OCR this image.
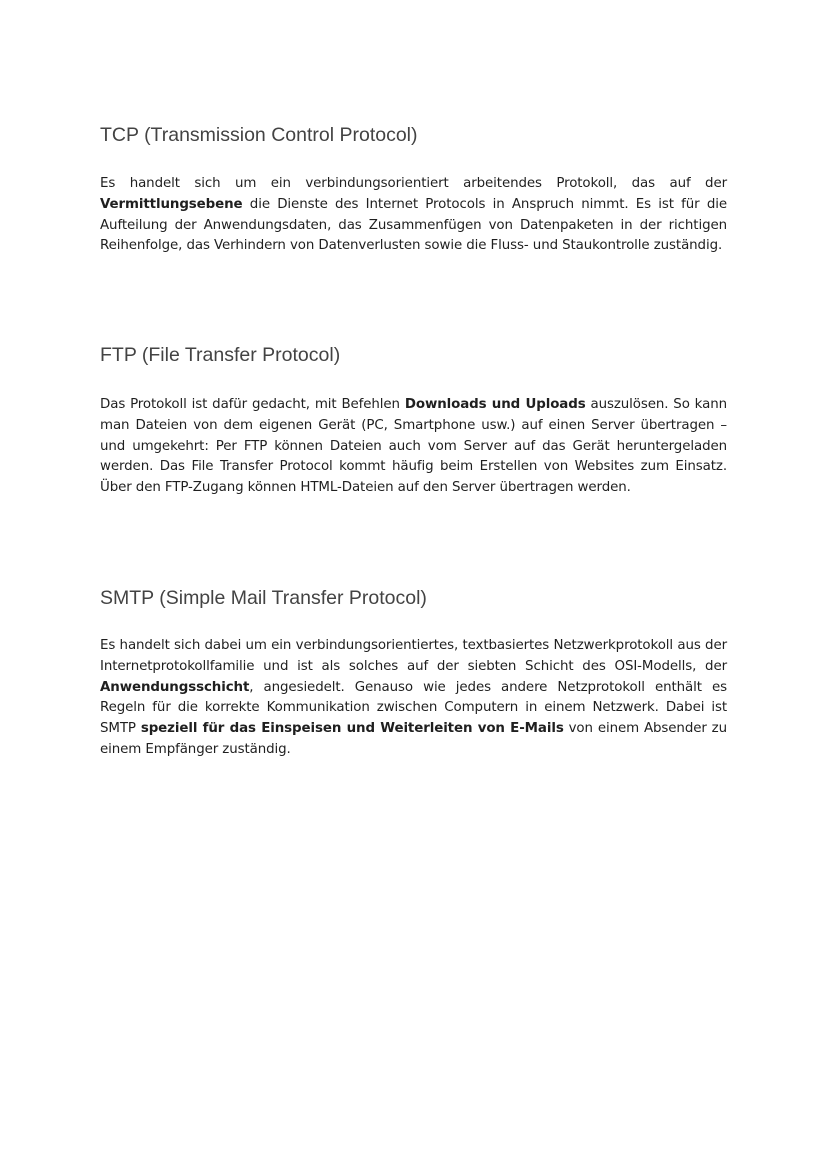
TCP (Transmission Control Protocol)

Es handelt sich um ein verbindungsorientiert arbeitendes Protokoll, das auf der Vermittlungsebene die Dienste des Internet Protocols in Anspruch nimmt. Es ist für die Aufteilung der Anwendungsdaten, das Zusammenfügen von Datenpaketen in der richtigen Reihenfolge, das Verhindern von Datenverlusten sowie die Fluss- und Staukontrolle zuständig.

FTP (File Transfer Protocol)

Das Protokoll ist dafür gedacht, mit Befehlen Downloads und Uploads auszulösen. So kann man Dateien von dem eigenen Gerät (PC, Smartphone usw.) auf einen Server übertragen – und umgekehrt: Per FTP können Dateien auch vom Server auf das Gerät heruntergeladen werden. Das File Transfer Protocol kommt häufig beim Erstellen von Websites zum Einsatz. Über den FTP-Zugang können HTML-Dateien auf den Server übertragen werden.

SMTP (Simple Mail Transfer Protocol)

Es handelt sich dabei um ein verbindungsorientiertes, textbasiertes Netzwerkprotokoll aus der Internetprotokollfamilie und ist als solches auf der siebten Schicht des OSI-Modells, der Anwendungsschicht, angesiedelt. Genauso wie jedes andere Netzprotokoll enthält es Regeln für die korrekte Kommunikation zwischen Computern in einem Netzwerk. Dabei ist SMTP speziell für das Einspeisen und Weiterleiten von E-Mails von einem Absender zu einem Empfänger zuständig.
